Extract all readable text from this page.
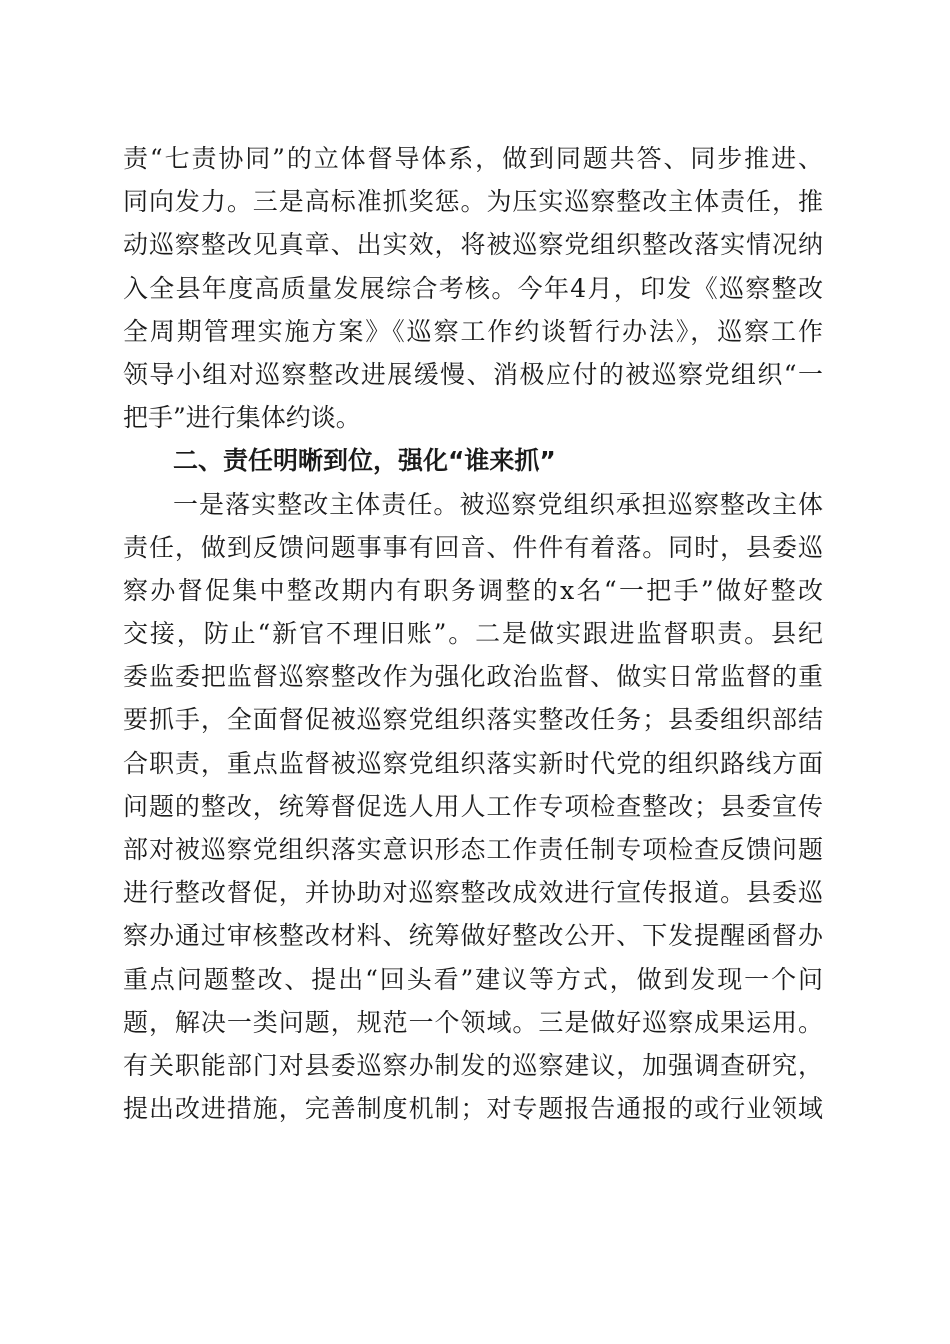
责“七责协同”的立体督导体系，做到同题共答、同步推进、
同向发力。三是高标准抓奖惩。为压实巡察整改主体责任，推
动巡察整改见真章、出实效，将被巡察党组织整改落实情况纳
入全县年度高质量发展综合考核。今年4月，印发《巡察整改
全周期管理实施方案》《巡察工作约谈暂行办法》，巡察工作
领导小组对巡察整改进展缓慢、消极应付的被巡察党组织“一
把手”进行集体约谈。
二、责任明晰到位，强化“谁来抓”
一是落实整改主体责任。被巡察党组织承担巡察整改主体
责任，做到反馈问题事事有回音、件件有着落。同时，县委巡
察办督促集中整改期内有职务调整的x名“一把手”做好整改
交接，防止“新官不理旧账”。二是做实跟进监督职责。县纪
委监委把监督巡察整改作为强化政治监督、做实日常监督的重
要抓手，全面督促被巡察党组织落实整改任务；县委组织部结
合职责，重点监督被巡察党组织落实新时代党的组织路线方面
问题的整改，统筹督促选人用人工作专项检查整改；县委宣传
部对被巡察党组织落实意识形态工作责任制专项检查反馈问题
进行整改督促，并协助对巡察整改成效进行宣传报道。县委巡
察办通过审核整改材料、统筹做好整改公开、下发提醒函督办
重点问题整改、提出“回头看”建议等方式，做到发现一个问
题，解决一类问题，规范一个领域。三是做好巡察成果运用。
有关职能部门对县委巡察办制发的巡察建议，加强调查研究，
提出改进措施，完善制度机制；对专题报告通报的或行业领域
